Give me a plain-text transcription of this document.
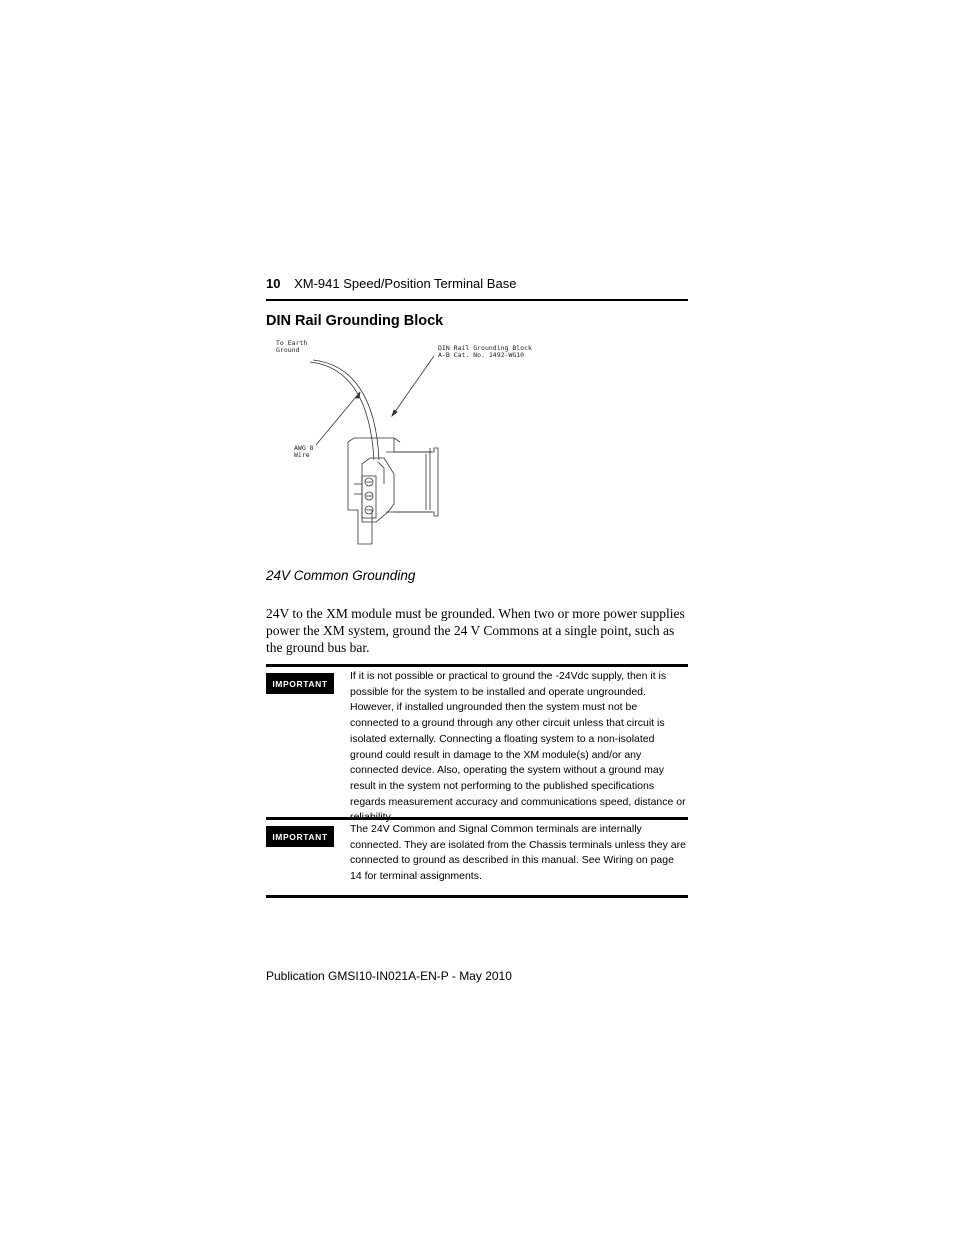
10 XM-941 Speed/Position Terminal Base
DIN Rail Grounding Block
To Earth
Ground	DIN Rail Grounding Block
A-B Cat. No. 1492-WG10
AWG 8
Wire
24V Common Grounding

24V to the XM module must be grounded. When two or more power supplies power the XM system, ground the 24 V Commons at a single point, such as the ground bus bar.

IMPORTANT

If it is not possible or practical to ground the -24Vdc supply, then it is possible for the system to be installed and operate ungrounded. However, if installed ungrounded then the system must not be connected to a ground through any other circuit unless that circuit is isolated externally. Connecting a floating system to a non-isolated ground could result in damage to the XM module(s) and/or any connected device. Also, operating the system without a ground may result in the system not performing to the published specifications regards measurement accuracy and communications speed, distance or reliability.

IMPORTANT

The 24V Common and Signal Common terminals are internally connected. They are isolated from the Chassis terminals unless they are connected to ground as described in this manual. See Wiring on page 14 for terminal assignments.

Publication GMSI10-IN021A-EN-P - May 2010
